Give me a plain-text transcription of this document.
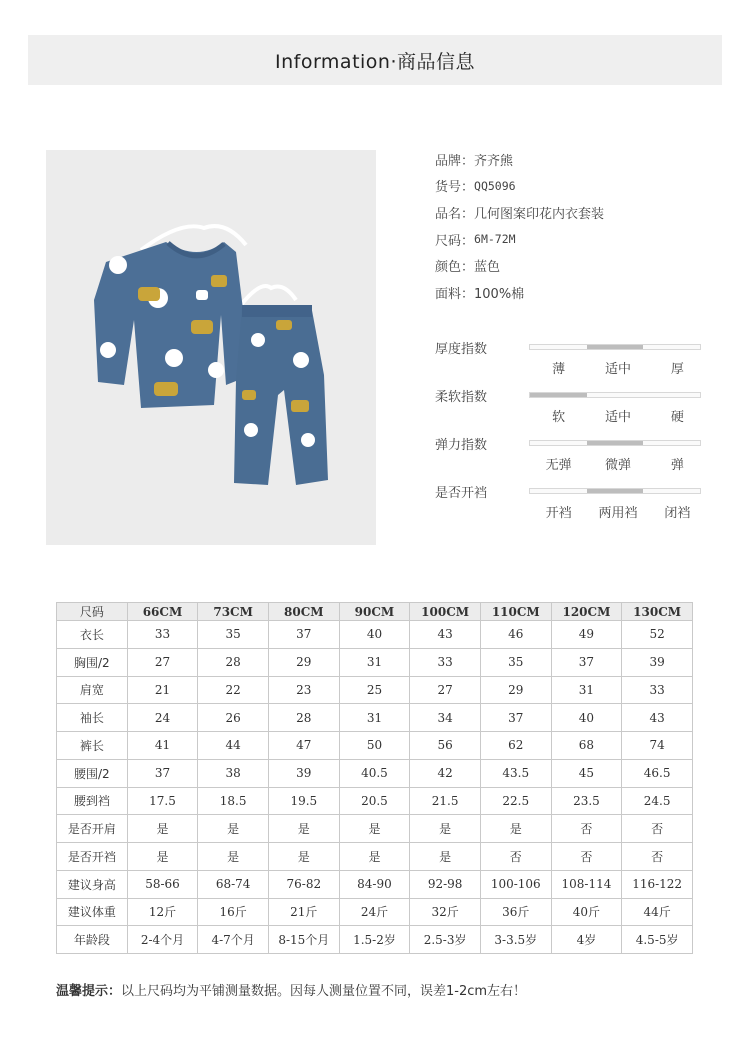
Information·商品信息
品牌： 齐齐熊
货号： QQ5096
品名： 几何图案印花内衣套装
尺码： 6M-72M
颜色： 蓝色
面料： 100%棉
厚度指数
薄	适中	厚
柔软指数
软	适中	硬
弹力指数
无弹	微弹	弹
是否开裆
开裆	两用裆	闭裆
尺码	66CM	73CM	80CM	90CM	100CM	110CM	120CM	130CM
衣长	33	35	37	40	43	46	49	52
胸围/2	27	28	29	31	33	35	37	39
肩宽	21	22	23	25	27	29	31	33
袖长	24	26	28	31	34	37	40	43
裤长	41	44	47	50	56	62	68	74
腰围/2	37	38	39	40.5	42	43.5	45	46.5
腰到裆	17.5	18.5	19.5	20.5	21.5	22.5	23.5	24.5
是否开肩	是	是	是	是	是	是	否	否
是否开裆	是	是	是	是	是	否	否	否
建议身高	58-66	68-74	76-82	84-90	92-98	100-106	108-114	116-122
建议体重	12斤	16斤	21斤	24斤	32斤	36斤	40斤	44斤
年龄段	2-4个月	4-7个月	8-15个月	1.5-2岁	2.5-3岁	3-3.5岁	4岁	4.5-5岁
温馨提示：以上尺码均为平铺测量数据。因每人测量位置不同，误差1-2cm左右！
